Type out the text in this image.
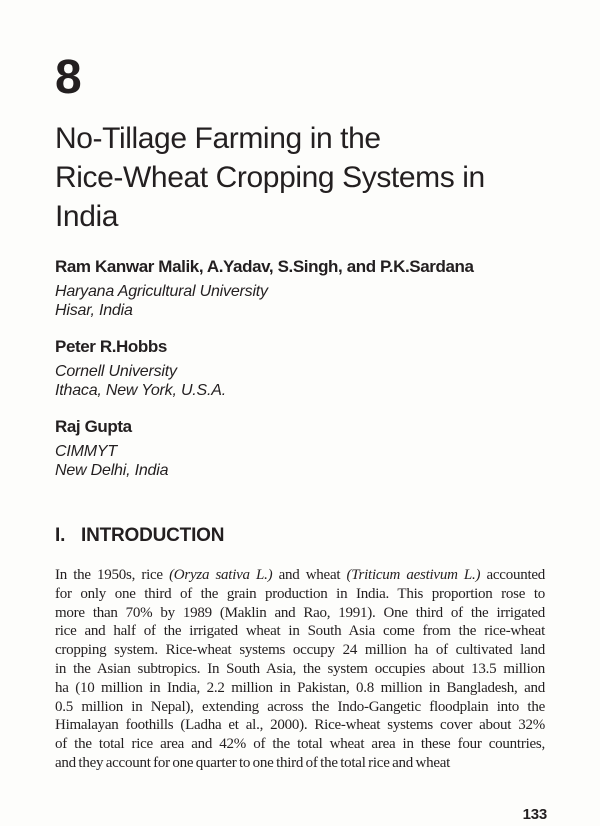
8
No-Tillage Farming in the
Rice-Wheat Cropping Systems in
India
Ram Kanwar Malik, A.Yadav, S.Singh, and P.K.Sardana
Haryana Agricultural University
Hisar, India
Peter R.Hobbs
Cornell University
Ithaca, New York, U.S.A.
Raj Gupta
CIMMYT
New Delhi, India
I. INTRODUCTION
In the 1950s, rice (Oryza sativa L.) and wheat (Triticum aestivum L.) accounted
for only one third of the grain production in India. This proportion rose to
more than 70% by 1989 (Maklin and Rao, 1991). One third of the irrigated
rice and half of the irrigated wheat in South Asia come from the rice-wheat
cropping system. Rice-wheat systems occupy 24 million ha of cultivated land
in the Asian subtropics. In South Asia, the system occupies about 13.5 million
ha (10 million in India, 2.2 million in Pakistan, 0.8 million in Bangladesh, and
0.5 million in Nepal), extending across the Indo-Gangetic floodplain into the
Himalayan foothills (Ladha et al., 2000). Rice-wheat systems cover about 32%
of the total rice area and 42% of the total wheat area in these four countries,
and they account for one quarter to one third of the total rice and wheat
133
